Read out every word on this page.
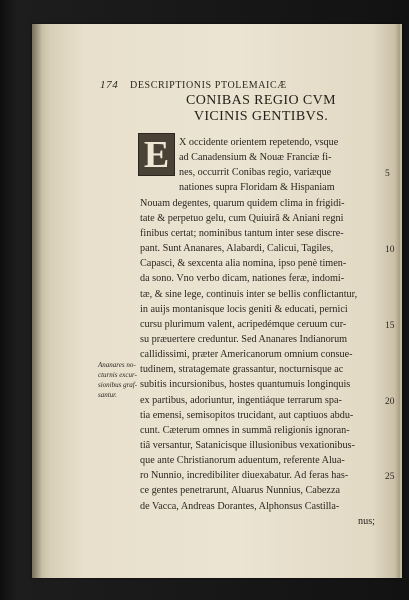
174 DESCRIPTIONIS PTOLEMAICÆ
CONIBAS REGIO CVM
VICINIS GENTIBVS.
E X occidente orientem repetendo, vsque
ad Canadensium & Nouæ Franciæ fi-
nes, occurrit Conibas regio, variæque
nationes supra Floridam & Hispaniam
Nouam degentes, quarum quidem clima in frigidi-
tate & perpetuo gelu, cum Quiuirâ & Aniani regni
finibus certat; nominibus tantum inter sese discre-
pant. Sunt Ananares, Alabardi, Calicui, Tagiles,
Capasci, & sexcenta alia nomina, ipso penè timen-
da sono. Vno verbo dicam, nationes feræ, indomi-
tæ, & sine lege, continuis inter se bellis conflictantur,
in auijs montanisque locis geniti & educati, pernici
cursu plurimum valent, acripedémque ceruum cur-
su præuertere creduntur. Sed Ananares Indianorum
callidissimi, præter Americanorum omnium consue-
tudinem, stratagemate grassantur, nocturnisque ac
subitis incursionibus, hostes quantumuis longinquis
ex partibus, adoriuntur, ingentiáque terrarum spa-
tia emensi, semisopitos trucidant, aut captiuos abdu-
cunt. Cæterum omnes in summâ religionis ignoran-
tiâ versantur, Satanicisque illusionibus vexationibus-
que ante Christianorum aduentum, referente Alua-
ro Nunnio, incredibiliter diuexabatur. Ad feras has-
ce gentes penetrarunt, Aluarus Nunnius, Cabezza
de Vacca, Andreas Dorantes, Alphonsus Castilla-
nus;
Ananares no-
cturnis excur-
sionibus graf-
santur.
5
10
15
20
25
